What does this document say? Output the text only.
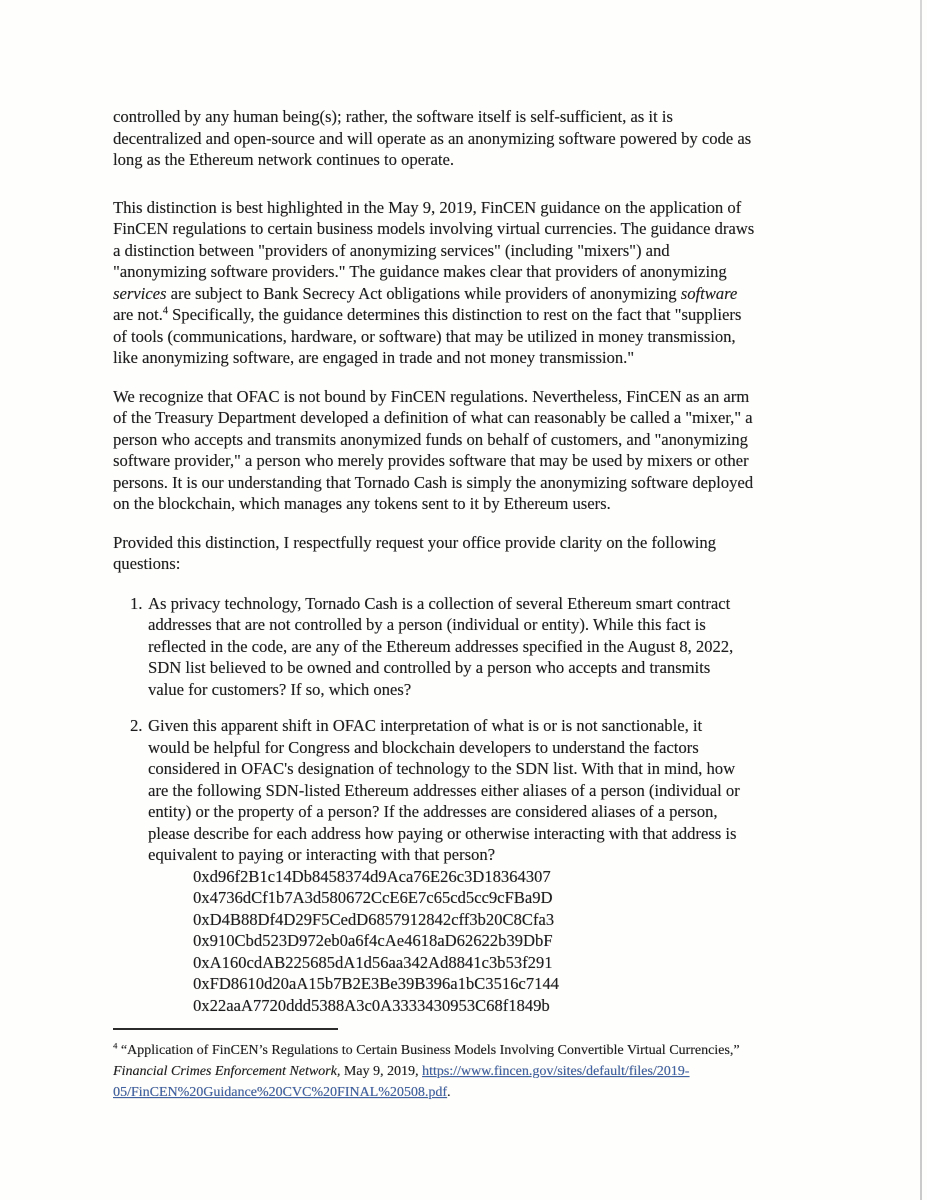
controlled by any human being(s); rather, the software itself is self-sufficient, as it is
decentralized and open-source and will operate as an anonymizing software powered by code as
long as the Ethereum network continues to operate.
This distinction is best highlighted in the May 9, 2019, FinCEN guidance on the application of
FinCEN regulations to certain business models involving virtual currencies. The guidance draws
a distinction between "providers of anonymizing services" (including "mixers") and
"anonymizing software providers." The guidance makes clear that providers of anonymizing
services are subject to Bank Secrecy Act obligations while providers of anonymizing software
are not.$^4$ Specifically, the guidance determines this distinction to rest on the fact that "suppliers
of tools (communications, hardware, or software) that may be utilized in money transmission,
like anonymizing software, are engaged in trade and not money transmission."
We recognize that OFAC is not bound by FinCEN regulations. Nevertheless, FinCEN as an arm
of the Treasury Department developed a definition of what can reasonably be called a "mixer," a
person who accepts and transmits anonymized funds on behalf of customers, and "anonymizing
software provider," a person who merely provides software that may be used by mixers or other
persons. It is our understanding that Tornado Cash is simply the anonymizing software deployed
on the blockchain, which manages any tokens sent to it by Ethereum users.
Provided this distinction, I respectfully request your office provide clarity on the following
questions:
1. As privacy technology, Tornado Cash is a collection of several Ethereum smart contract
addresses that are not controlled by a person (individual or entity). While this fact is
reflected in the code, are any of the Ethereum addresses specified in the August 8, 2022,
SDN list believed to be owned and controlled by a person who accepts and transmits
value for customers? If so, which ones?
2. Given this apparent shift in OFAC interpretation of what is or is not sanctionable, it
would be helpful for Congress and blockchain developers to understand the factors
considered in OFAC's designation of technology to the SDN list. With that in mind, how
are the following SDN-listed Ethereum addresses either aliases of a person (individual or
entity) or the property of a person? If the addresses are considered aliases of a person,
please describe for each address how paying or otherwise interacting with that address is
equivalent to paying or interacting with that person?
0xd96f2B1c14Db8458374d9Aca76E26c3D18364307
0x4736dCf1b7A3d580672CcE6E7c65cd5cc9cFBa9D
0xD4B88Df4D29F5CedD6857912842cff3b20C8Cfa3
0x910Cbd523D972eb0a6f4cAe4618aD62622b39DbF
0xA160cdAB225685dA1d56aa342Ad8841c3b53f291
0xFD8610d20aA15b7B2E3Be39B396a1bC3516c7144
0x22aaA7720ddd5388A3c0A3333430953C68f1849b
$^4$ “Application of FinCEN’s Regulations to Certain Business Models Involving Convertible Virtual Currencies,”
Financial Crimes Enforcement Network, May 9, 2019, https://www.fincen.gov/sites/default/files/2019-
05/FinCEN%20Guidance%20CVC%20FINAL%20508.pdf.
